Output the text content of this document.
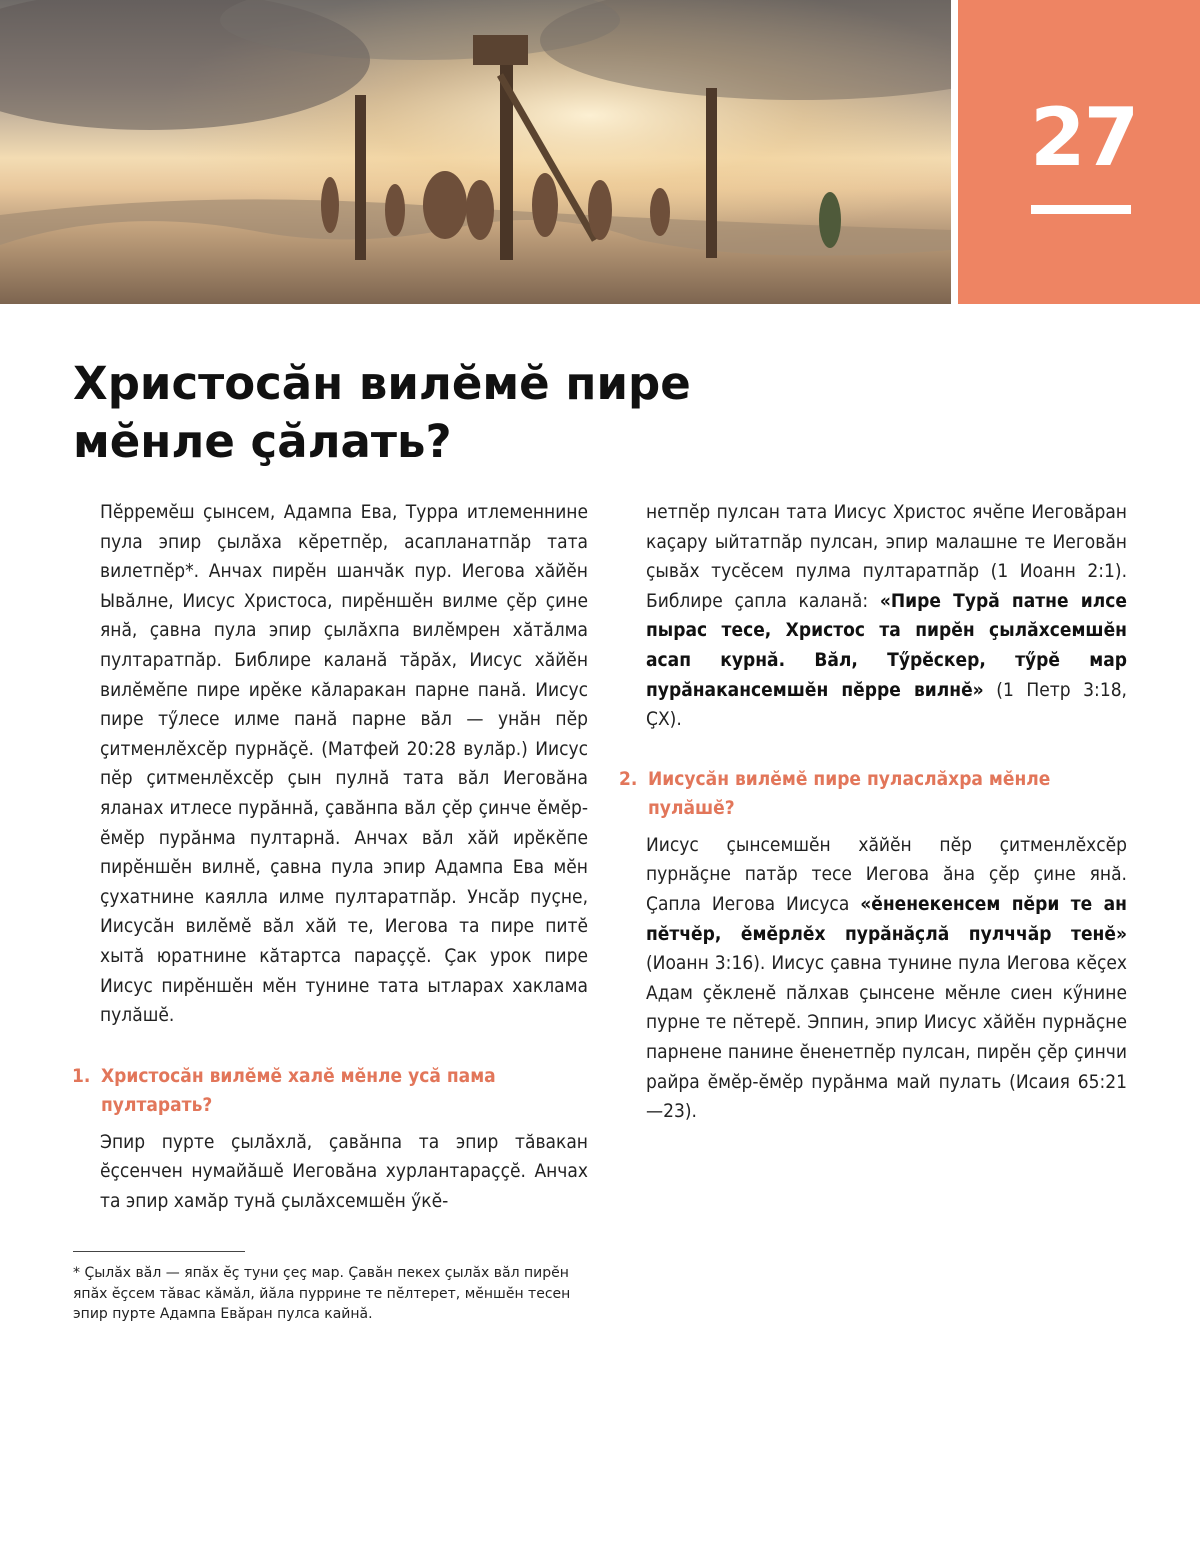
27
Христосӑн вилӗмӗ пире
мӗнле ҫӑлать?

Пӗрремӗш ҫынсем, Адампа Ева, Турра итлеменнине пула эпир ҫылӑха кӗретпӗр, асапланатпӑр тата вилетпӗр*. Анчах пирӗн шанчӑк пур. Иегова хӑйӗн Ывӑлне, Иисус Христоса, пирӗншӗн вилме ҫӗр ҫине янӑ, ҫавна пула эпир ҫылӑхпа вилӗмрен хӑтӑлма пултаратпӑр. Библире каланӑ тӑрӑх, Иисус хӑйӗн вилӗмӗпе пире ирӗке кӑларакан парне панӑ. Иисус пире тӳлесе илме панӑ парне вӑл — унӑн пӗр ҫитменлӗхсӗр пурнӑҫӗ. (Матфей 20:28 вулӑр.) Иисус пӗр ҫитменлӗхсӗр ҫын пулнӑ тата вӑл Иеговӑна яланах итлесе пурӑннӑ, ҫавӑнпа вӑл ҫӗр ҫинче ӗмӗр-ӗмӗр пурӑнма пултарнӑ. Анчах вӑл хӑй ирӗкӗпе пирӗншӗн вилнӗ, ҫавна пула эпир Адампа Ева мӗн ҫухатнине каялла илме пултаратпӑр. Унсӑр пуҫне, Иисусӑн вилӗмӗ вӑл хӑй те, Иегова та пире питӗ хытӑ юратнине кӑтартса параҫҫӗ. Ҫак урок пире Иисус пирӗншӗн мӗн тунине тата ытларах хаклама пулӑшӗ.

1. Христосӑн вилӗмӗ халӗ мӗнле усӑ пама пултарать?

Эпир пурте ҫылӑхлӑ, ҫавӑнпа та эпир тӑвакан ӗҫсенчен нумайӑшӗ Иеговӑна хурлантараҫҫӗ. Анчах та эпир хамӑр тунӑ ҫылӑхсемшӗн ӳкӗ-

нетпӗр пулсан тата Иисус Христос ячӗпе Иеговӑран каҫару ыйтатпӑр пулсан, эпир малашне те Иеговӑн ҫывӑх тусӗсем пулма пултаратпӑр (1 Иоанн 2:1). Библире ҫапла каланӑ: «Пире Турӑ патне илсе пырас тесе, Христос та пирӗн ҫылӑхсемшӗн асап курнӑ. Вӑл, Тӳрӗскер, тӳрӗ мар пурӑнакансемшӗн пӗрре вилнӗ» (1 Петр 3:18, ҪХ).

2. Иисусӑн вилӗмӗ пире пуласлӑхра мӗнле пулӑшӗ?

Иисус ҫынсемшӗн хӑйӗн пӗр ҫитменлӗхсӗр пурнӑҫне патӑр тесе Иегова ӑна ҫӗр ҫине янӑ. Ҫапла Иегова Иисуса «ӗненекенсем пӗри те ан пӗтчӗр, ӗмӗрлӗх пурӑнӑҫлӑ пулччӑр тенӗ» (Иоанн 3:16). Иисус ҫавна тунине пула Иегова кӗҫех Адам ҫӗкленӗ пӑлхав ҫынсене мӗнле сиен кӳнине пурне те пӗтерӗ. Эппин, эпир Иисус хӑйӗн пурнӑҫне парнене панине ӗненетпӗр пулсан, пирӗн ҫӗр ҫинчи райра ӗмӗр-ӗмӗр пурӑнма май пулать (Исаия 65:21—23).

* Ҫылӑх вӑл — япӑх ӗҫ туни ҫеҫ мар. Ҫавӑн пекех ҫылӑх вӑл пирӗн япӑх ӗҫсем тӑвас кӑмӑл, йӑла пуррине те пӗлтерет, мӗншӗн тесен эпир пурте Адампа Евӑран пулса кайнӑ.
